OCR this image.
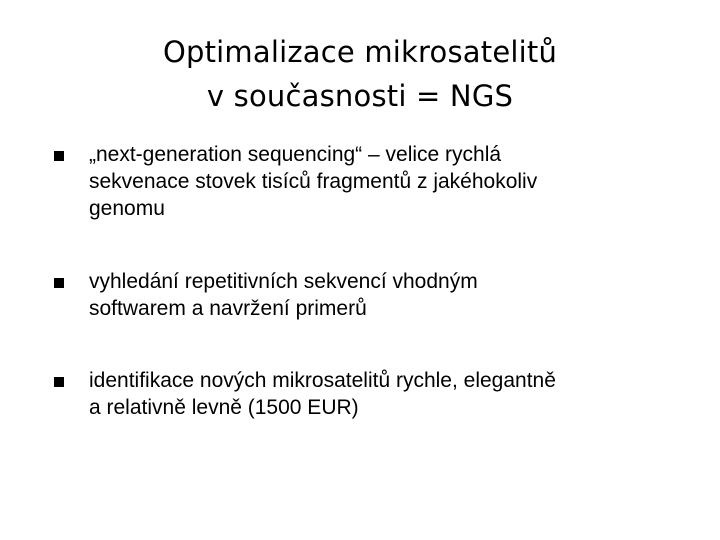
Optimalizace mikrosatelitů
v současnosti = NGS
„next-generation sequencing“ – velice rychlá
sekvenace stovek tisíců fragmentů z jakéhokoliv
genomu
vyhledání repetitivních sekvencí vhodným
softwarem a navržení primerů
identifikace nových mikrosatelitů rychle, elegantně
a relativně levně (1500 EUR)
